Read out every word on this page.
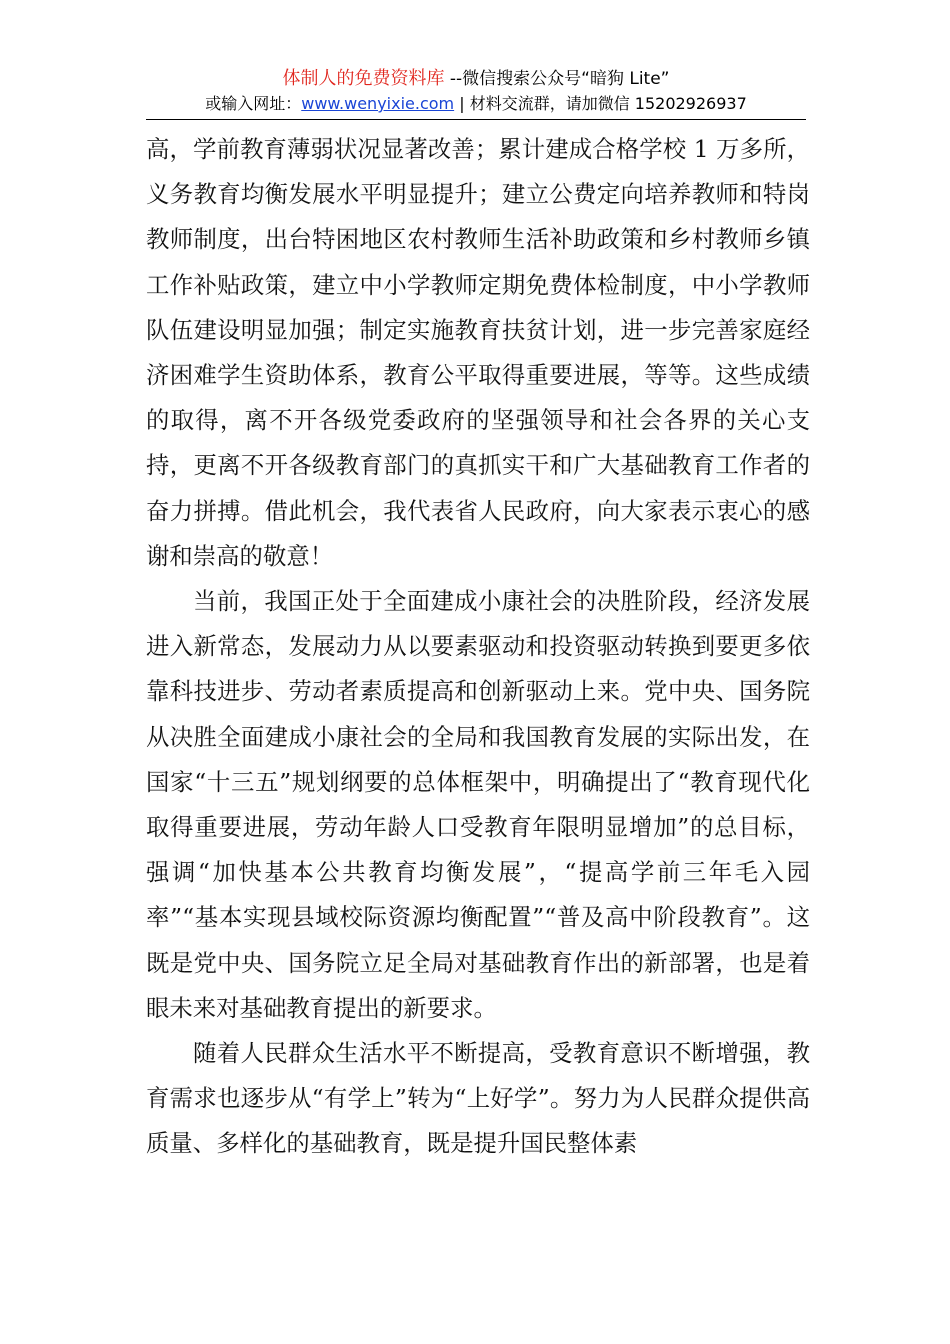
体制人的免费资料库 --微信搜索公众号“暗狗 Lite”
或输入网址：www.wenyixie.com | 材料交流群，请加微信 15202926937

高，学前教育薄弱状况显著改善；累计建成合格学校 1 万多所，义务教育均衡发展水平明显提升；建立公费定向培养教师和特岗教师制度，出台特困地区农村教师生活补助政策和乡村教师乡镇工作补贴政策，建立中小学教师定期免费体检制度，中小学教师队伍建设明显加强；制定实施教育扶贫计划，进一步完善家庭经济困难学生资助体系，教育公平取得重要进展，等等。这些成绩的取得，离不开各级党委政府的坚强领导和社会各界的关心支持，更离不开各级教育部门的真抓实干和广大基础教育工作者的奋力拼搏。借此机会，我代表省人民政府，向大家表示衷心的感谢和崇高的敬意！

当前，我国正处于全面建成小康社会的决胜阶段，经济发展进入新常态，发展动力从以要素驱动和投资驱动转换到要更多依靠科技进步、劳动者素质提高和创新驱动上来。党中央、国务院从决胜全面建成小康社会的全局和我国教育发展的实际出发，在国家“十三五”规划纲要的总体框架中，明确提出了“教育现代化取得重要进展，劳动年龄人口受教育年限明显增加”的总目标，强调“加快基本公共教育均衡发展”，“提高学前三年毛入园率”“基本实现县域校际资源均衡配置”“普及高中阶段教育”。这既是党中央、国务院立足全局对基础教育作出的新部署，也是着眼未来对基础教育提出的新要求。

随着人民群众生活水平不断提高，受教育意识不断增强，教育需求也逐步从“有学上”转为“上好学”。努力为人民群众提供高质量、多样化的基础教育，既是提升国民整体素
